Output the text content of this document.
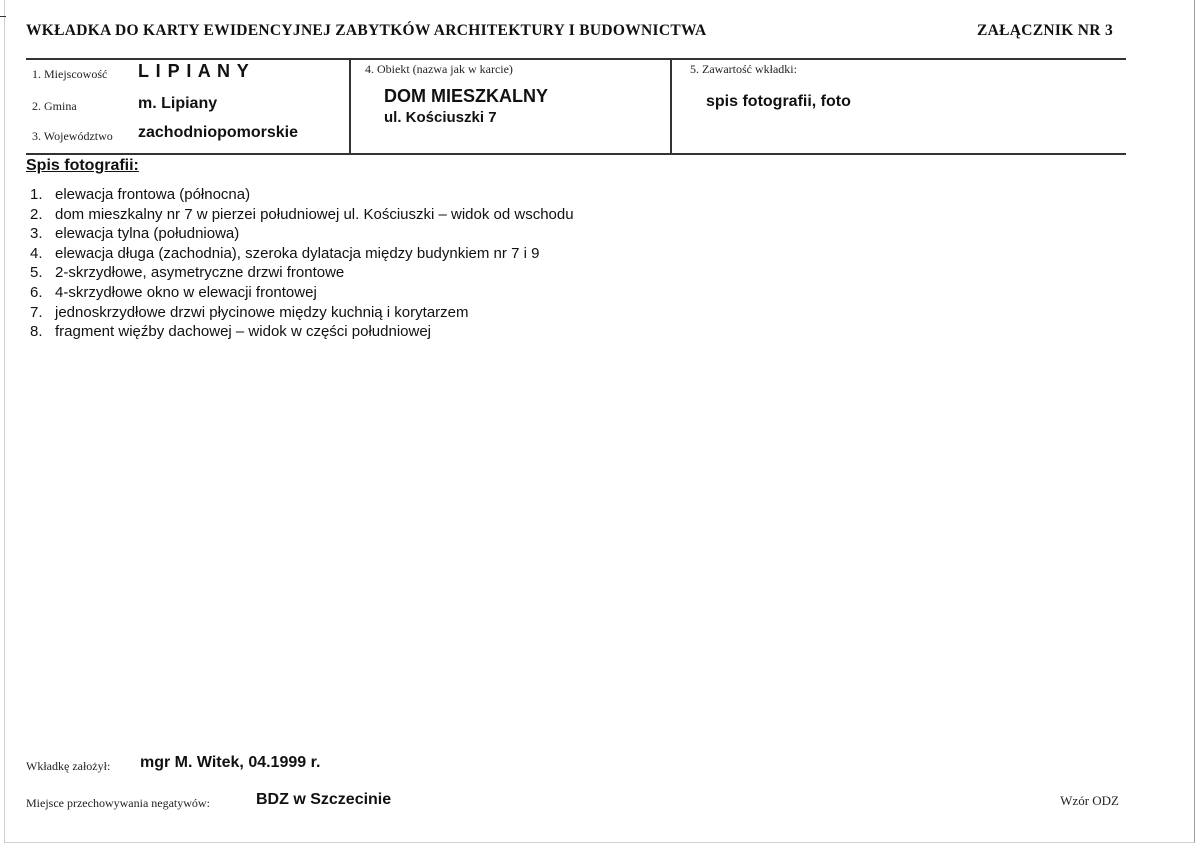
WKŁADKA DO KARTY EWIDENCYJNEJ ZABYTKÓW ARCHITEKTURY I BUDOWNICTWA	ZAŁĄCZNIK NR 3
1. Miejscowość L I P I A N Y
2. Gmina	m. Lipiany
3. Województwo zachodniopomorskie
4. Obiekt (nazwa jak w karcie)
DOM MIESZKALNY
ul. Kościuszki 7
5. Zawartość wkładki:
spis fotografii, foto
Spis fotografii:
1. elewacja frontowa (północna)
2. dom mieszkalny nr 7 w pierzei południowej ul. Kościuszki – widok od wschodu
3. elewacja tylna (południowa)
4. elewacja długa (zachodnia), szeroka dylatacja między budynkiem nr 7 i 9
5. 2-skrzydłowe, asymetryczne drzwi frontowe
6. 4-skrzydłowe okno w elewacji frontowej
7. jednoskrzydłowe drzwi płycinowe między kuchnią i korytarzem
8. fragment więźby dachowej – widok w części południowej
Wkładkę założył: mgr M. Witek, 04.1999 r.
Miejsce przechowywania negatywów:	BDZ w Szczecinie	Wzór ODZ
